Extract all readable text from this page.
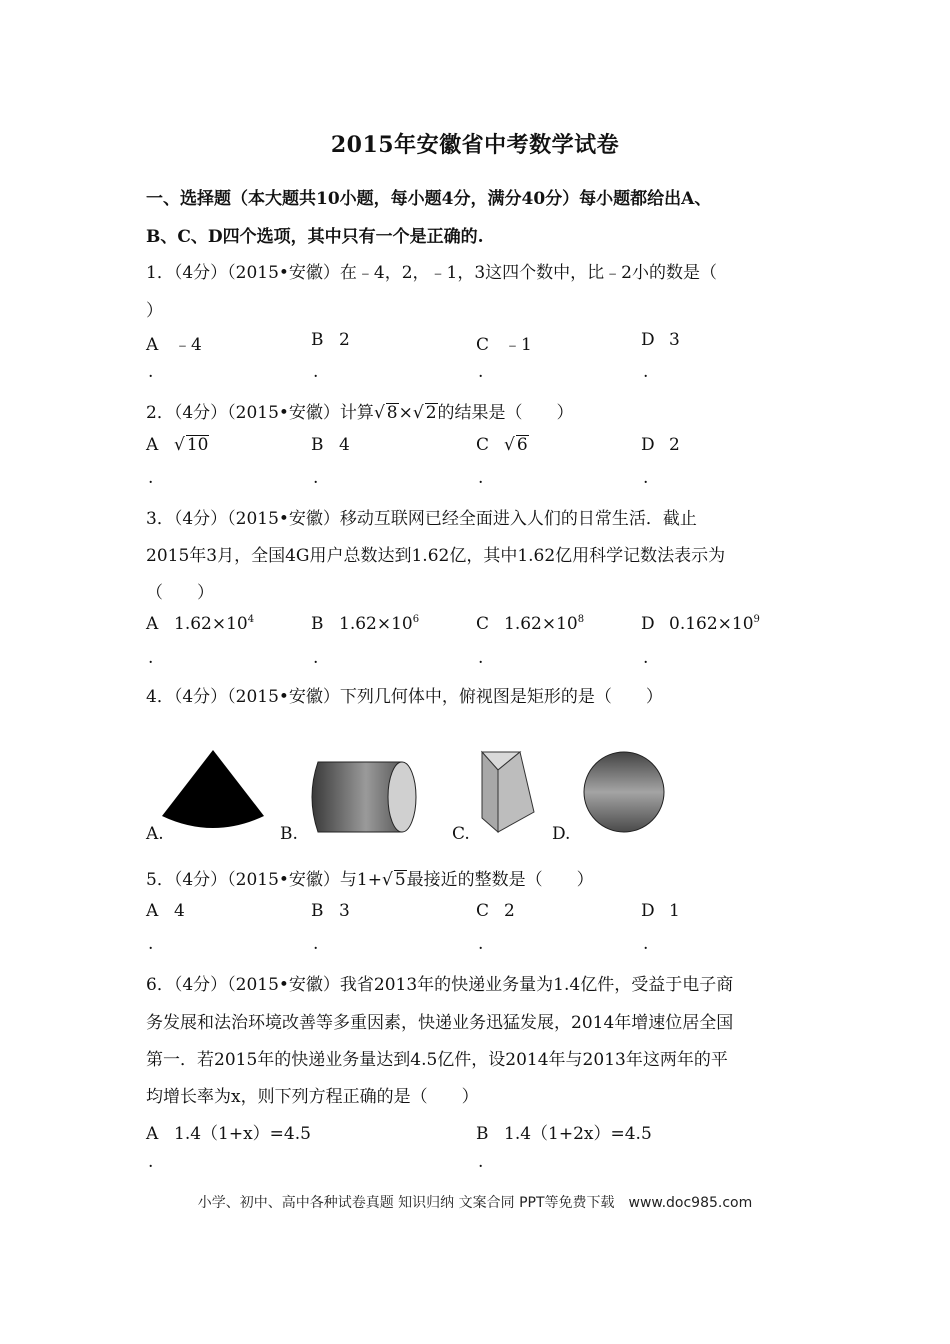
2015年安徽省中考数学试卷
一、选择题（本大题共10小题，每小题4分，满分40分）每小题都给出A、
B、C、D四个选项，其中只有一个是正确的.
1．（4分）（2015•安徽）在﹣4，2，﹣1，3这四个数中，比﹣2小的数是（
）
A ﹣4	B 2	C ﹣1	D 3
.	.	.	.
2．（4分）（2015•安徽）计算√ 8×√ 2的结果是（　　）
A √ 10	B 4	C √ 6	D 2
.	.	.	.
3．（4分）（2015•安徽）移动互联网已经全面进入人们的日常生活．截止
2015年3月，全国4G用户总数达到1.62亿，其中1.62亿用科学记数法表示为
（　　）
A $1.62\times 10^4$	B $1.62\times 10^6$	C $1.62\times 10^8$	D $0.162\times 10^9$
.	.	.	.
4．（4分）（2015•安徽）下列几何体中，俯视图是矩形的是（　　）
A.	B.	C.	D.
5．（4分）（2015•安徽）与1+√ 5最接近的整数是（　　）
A 4	B 3	C 2	D 1
.	.	.	.
6．（4分）（2015•安徽）我省2013年的快递业务量为1.4亿件，受益于电子商
务发展和法治环境改善等多重因素，快递业务迅猛发展，2014年增速位居全国
第一．若2015年的快递业务量达到4.5亿件，设2014年与2013年这两年的平
均增长率为x，则下列方程正确的是（　　）
A 1.4（1+x）=4.5	B 1.4（1+2x）=4.5
.	.
小学、初中、高中各种试卷真题 知识归纳 文案合同 PPT等免费下载　www.doc985.com
